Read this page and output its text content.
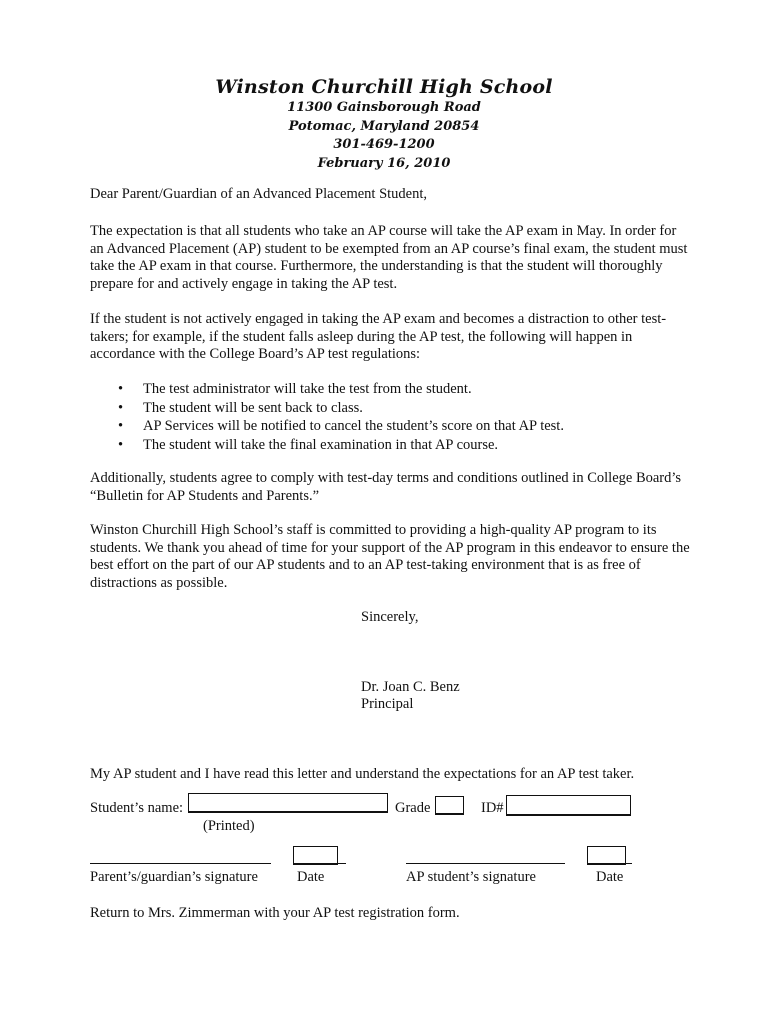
Winston Churchill High School
11300 Gainsborough Road
Potomac, Maryland 20854
301-469-1200
February 16, 2010
Dear Parent/Guardian of an Advanced Placement Student,

The expectation is that all students who take an AP course will take the AP exam in May. In order for an Advanced Placement (AP) student to be exempted from an AP course’s final exam, the student must take the AP exam in that course. Furthermore, the understanding is that the student will thoroughly prepare for and actively engage in taking the AP test.

If the student is not actively engaged in taking the AP exam and becomes a distraction to other test-takers; for example, if the student falls asleep during the AP test, the following will happen in accordance with the College Board’s AP test regulations:

• The test administrator will take the test from the student.
• The student will be sent back to class.
• AP Services will be notified to cancel the student’s score on that AP test.
• The student will take the final examination in that AP course.

Additionally, students agree to comply with test-day terms and conditions outlined in College Board’s “Bulletin for AP Students and Parents.”

Winston Churchill High School’s staff is committed to providing a high-quality AP program to its students. We thank you ahead of time for your support of the AP program in this endeavor to ensure the best effort on the part of our AP students and to an AP test-taking environment that is as free of distractions as possible.

Sincerely,
Dr. Joan C. Benz
Principal
My AP student and I have read this letter and understand the expectations for an AP test taker.
Student’s name:	Grade	ID#
(Printed)
Parent’s/guardian’s signature	Date	AP student’s signature	Date
Return to Mrs. Zimmerman with your AP test registration form.
